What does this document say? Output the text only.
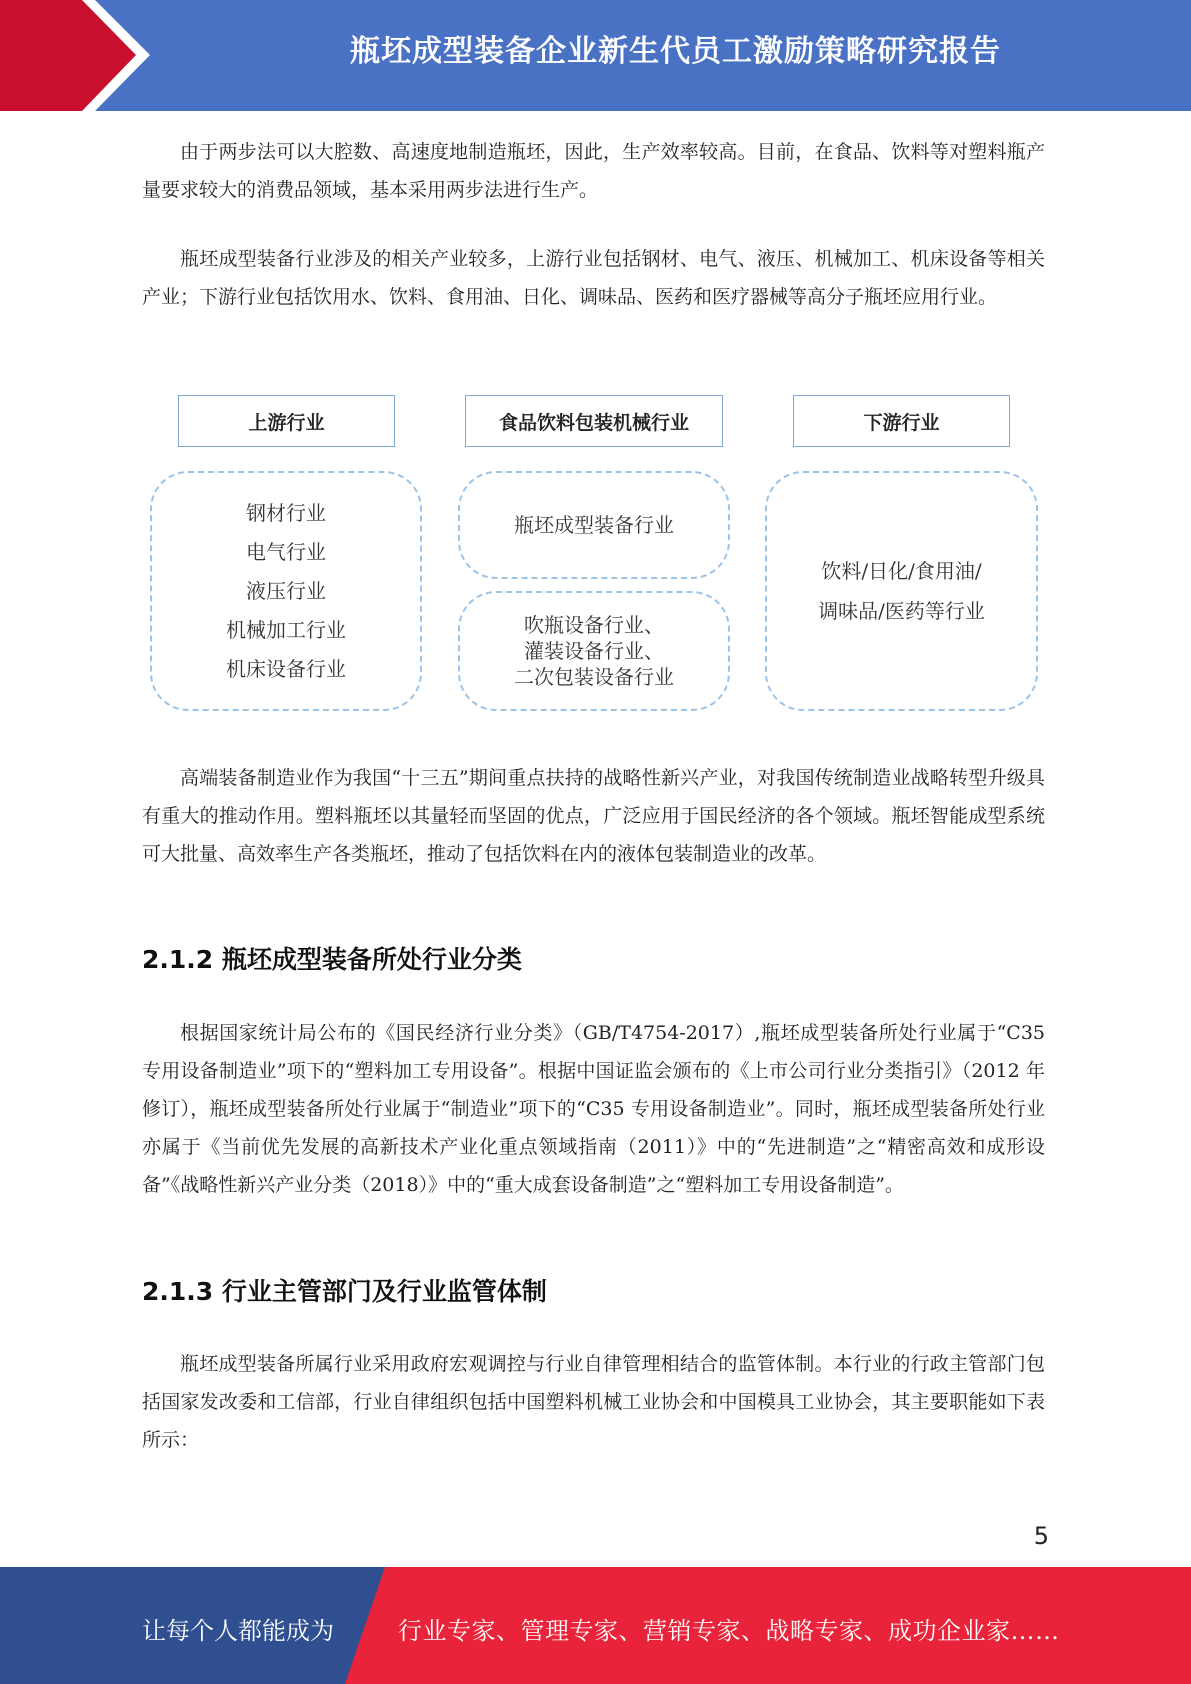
瓶坯成型装备企业新生代员工激励策略研究报告

由于两步法可以大腔数、高速度地制造瓶坯，因此，生产效率较高。目前，在食品、饮料等对塑料瓶产量要求较大的消费品领域，基本采用两步法进行生产。

瓶坯成型装备行业涉及的相关产业较多，上游行业包括钢材、电气、液压、机械加工、机床设备等相关产业；下游行业包括饮用水、饮料、食用油、日化、调味品、医药和医疗器械等高分子瓶坯应用行业。

上游行业	食品饮料包装机械行业	下游行业
钢材行业
电气行业
液压行业
机械加工行业
机床设备行业
瓶坯成型装备行业
吹瓶设备行业、
灌装设备行业、
二次包装设备行业
饮料/日化/食用油/
调味品/医药等行业

高端装备制造业作为我国“十三五”期间重点扶持的战略性新兴产业，对我国传统制造业战略转型升级具有重大的推动作用。塑料瓶坯以其量轻而坚固的优点，广泛应用于国民经济的各个领域。瓶坯智能成型系统可大批量、高效率生产各类瓶坯，推动了包括饮料在内的液体包装制造业的改革。

2.1.2 瓶坯成型装备所处行业分类

根据国家统计局公布的《国民经济行业分类》（GB/T4754-2017）,瓶坯成型装备所处行业属于“C35 专用设备制造业”项下的“塑料加工专用设备”。根据中国证监会颁布的《上市公司行业分类指引》（2012 年修订），瓶坯成型装备所处行业属于“制造业”项下的“C35 专用设备制造业”。同时，瓶坯成型装备所处行业亦属于《当前优先发展的高新技术产业化重点领域指南（2011）》中的“先进制造”之“精密高效和成形设备”《战略性新兴产业分类（2018）》中的“重大成套设备制造”之“塑料加工专用设备制造”。

2.1.3 行业主管部门及行业监管体制

瓶坯成型装备所属行业采用政府宏观调控与行业自律管理相结合的监管体制。本行业的行政主管部门包括国家发改委和工信部，行业自律组织包括中国塑料机械工业协会和中国模具工业协会，其主要职能如下表所示：

5
让每个人都能成为	行业专家、管理专家、营销专家、战略专家、成功企业家……
